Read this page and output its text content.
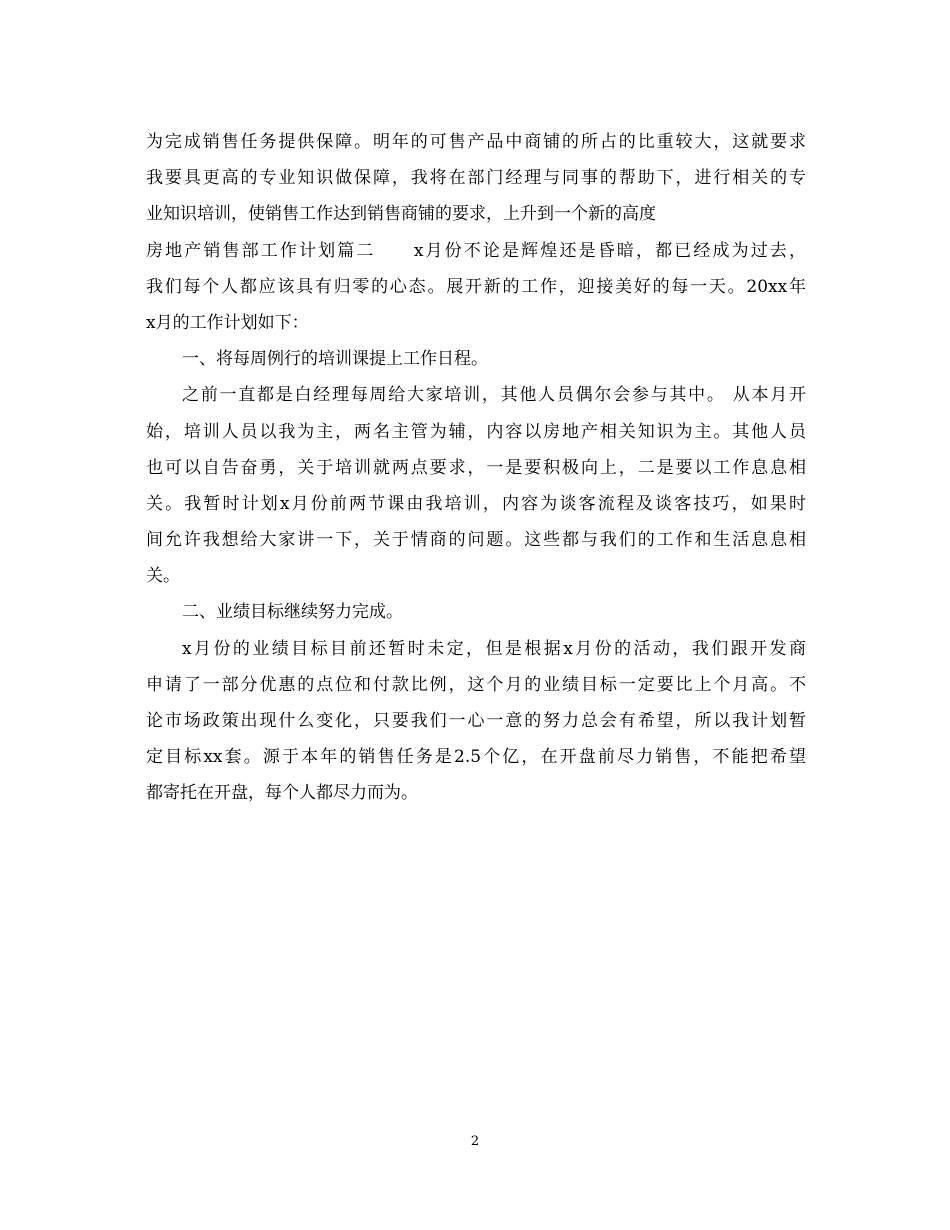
为完成销售任务提供保障。明年的可售产品中商铺的所占的比重较大，这就要求
我要具更高的专业知识做保障，我将在部门经理与同事的帮助下，进行相关的专
业知识培训，使销售工作达到销售商铺的要求，上升到一个新的高度
房地产销售部工作计划篇二　　x月份不论是辉煌还是昏暗，都已经成为过去，
我们每个人都应该具有归零的心态。展开新的工作，迎接美好的每一天。20xx年
x月的工作计划如下：
一、将每周例行的培训课提上工作日程。
之前一直都是白经理每周给大家培训，其他人员偶尔会参与其中。 从本月开
始，培训人员以我为主，两名主管为辅，内容以房地产相关知识为主。其他人员
也可以自告奋勇，关于培训就两点要求，一是要积极向上，二是要以工作息息相
关。我暂时计划x月份前两节课由我培训，内容为谈客流程及谈客技巧，如果时
间允许我想给大家讲一下，关于情商的问题。这些都与我们的工作和生活息息相
关。
二、业绩目标继续努力完成。
x月份的业绩目标目前还暂时未定，但是根据x月份的活动，我们跟开发商
申请了一部分优惠的点位和付款比例，这个月的业绩目标一定要比上个月高。不
论市场政策出现什么变化，只要我们一心一意的努力总会有希望，所以我计划暂
定目标xx套。源于本年的销售任务是2.5个亿，在开盘前尽力销售，不能把希望
都寄托在开盘，每个人都尽力而为。
2
